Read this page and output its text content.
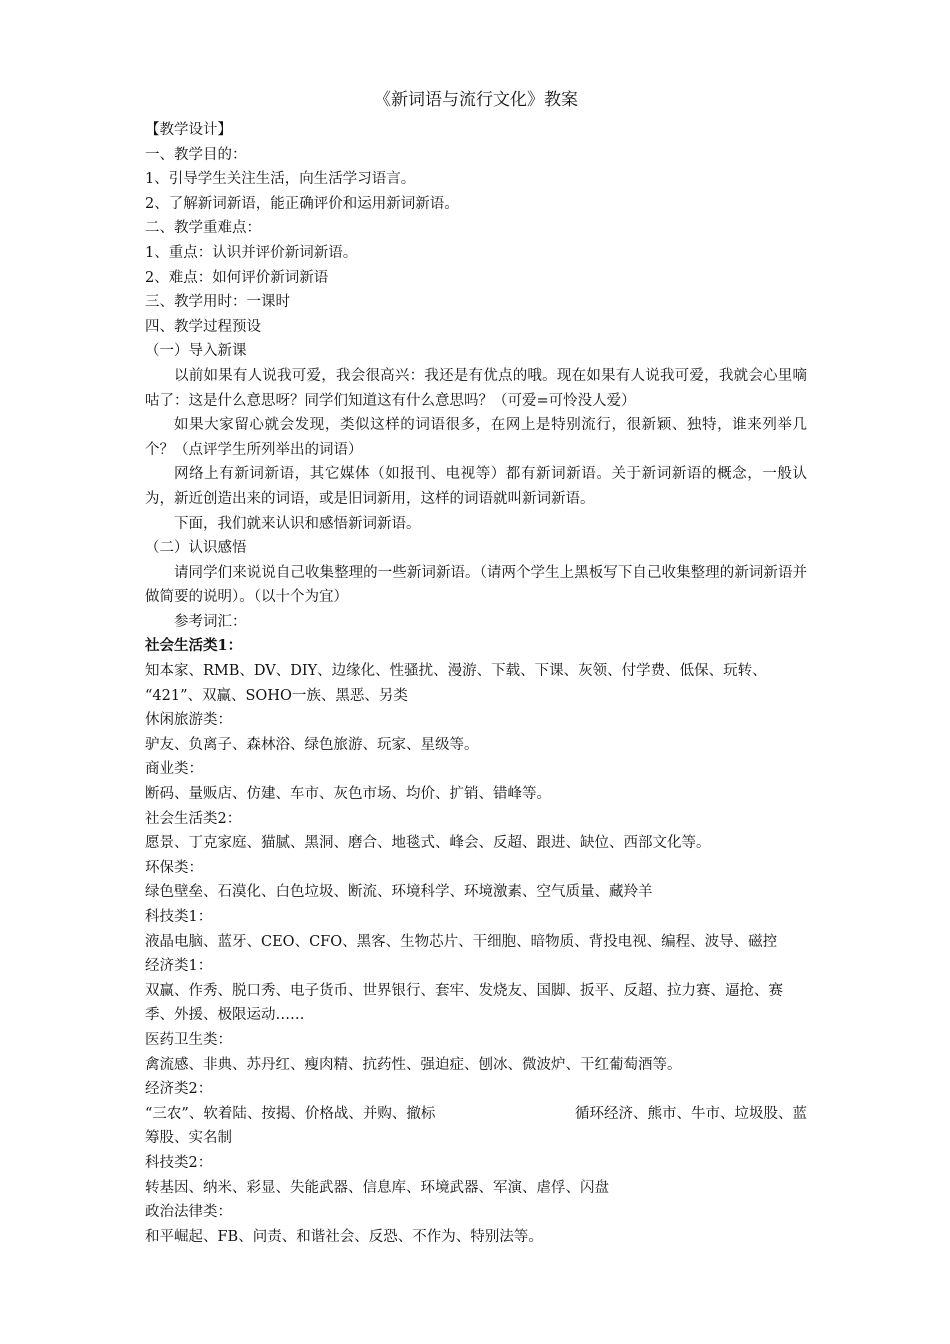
《新词语与流行文化》教案
【教学设计】
一、教学目的：
1、引导学生关注生活，向生活学习语言。
2、了解新词新语，能正确评价和运用新词新语。
二、教学重难点：
1、重点：认识并评价新词新语。
2、难点：如何评价新词新语
三、教学用时：一课时
四、教学过程预设
（一）导入新课
以前如果有人说我可爱，我会很高兴：我还是有优点的哦。现在如果有人说我可爱，我就会心里嘀咕了：这是什么意思呀？同学们知道这有什么意思吗？（可爱=可怜没人爱）
如果大家留心就会发现，类似这样的词语很多，在网上是特别流行，很新颖、独特，谁来列举几个？（点评学生所列举出的词语）
网络上有新词新语，其它媒体（如报刊、电视等）都有新词新语。关于新词新语的概念，一般认为，新近创造出来的词语，或是旧词新用，这样的词语就叫新词新语。
下面，我们就来认识和感悟新词新语。
（二）认识感悟
请同学们来说说自己收集整理的一些新词新语。（请两个学生上黑板写下自己收集整理的新词新语并做简要的说明）。（以十个为宜）
参考词汇：
社会生活类1：
知本家、RMB、DV、DIY、边缘化、性骚扰、漫游、下载、下课、灰领、付学费、低保、玩转、
“421”、双赢、SOHO一族、黑恶、另类
休闲旅游类：
驴友、负离子、森林浴、绿色旅游、玩家、星级等。
商业类：
断码、量贩店、仿建、车市、灰色市场、均价、扩销、错峰等。
社会生活类2：
愿景、丁克家庭、猫腻、黑洞、磨合、地毯式、峰会、反超、跟进、缺位、西部文化等。
环保类：
绿色壁垒、石漠化、白色垃圾、断流、环境科学、环境激素、空气质量、藏羚羊
科技类1：
液晶电脑、蓝牙、CEO、CFO、黑客、生物芯片、干细胞、暗物质、背投电视、编程、波导、磁控
经济类1：
双赢、作秀、脱口秀、电子货币、世界银行、套牢、发烧友、国脚、扳平、反超、拉力赛、逼抢、赛
季、外援、极限运动……
医药卫生类：
禽流感、非典、苏丹红、瘦肉精、抗药性、强迫症、刨冰、微波炉、干红葡萄酒等。
经济类2：
“三农”、软着陆、按揭、价格战、并购、撤标	循环经济、熊市、牛市、垃圾股、蓝
筹股、实名制
科技类2：
转基因、纳米、彩显、失能武器、信息库、环境武器、军演、虐俘、闪盘
政治法律类：
和平崛起、FB、问责、和谐社会、反恐、不作为、特别法等。
